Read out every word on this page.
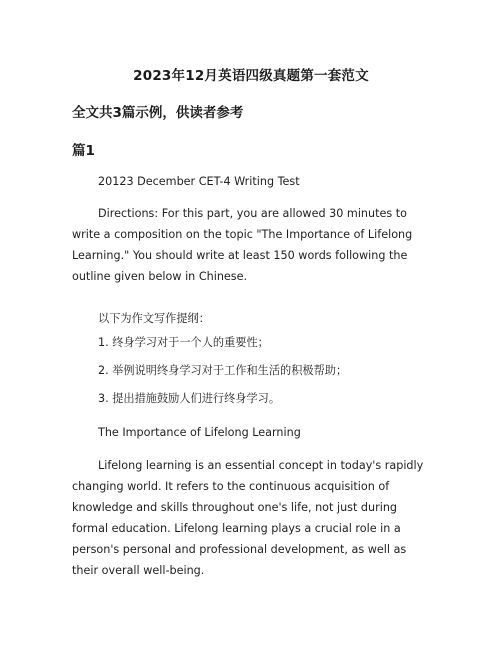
2023年12月英语四级真题第一套范文
全文共3篇示例，供读者参考
篇1

20123 December CET-4 Writing Test

Directions: For this part, you are allowed 30 minutes to write a composition on the topic "The Importance of Lifelong Learning." You should write at least 150 words following the outline given below in Chinese.

以下为作文写作提纲：

1. 终身学习对于一个人的重要性；

2. 举例说明终身学习对于工作和生活的积极帮助；

3. 提出措施鼓励人们进行终身学习。

The Importance of Lifelong Learning

Lifelong learning is an essential concept in today's rapidly changing world. It refers to the continuous acquisition of knowledge and skills throughout one's life, not just during formal education. Lifelong learning plays a crucial role in a person's personal and professional development, as well as their overall well-being.
